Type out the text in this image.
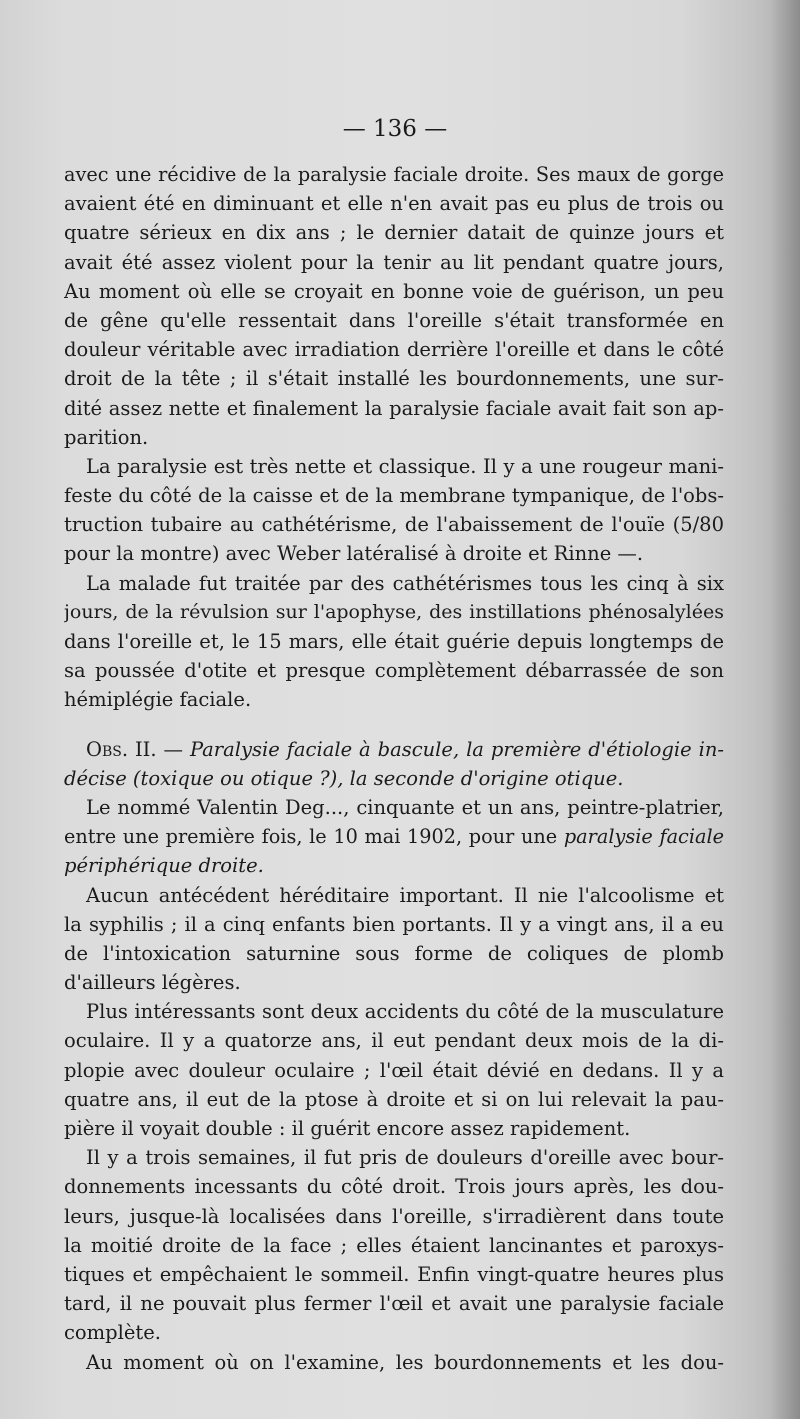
— 136 —
avec une récidive de la paralysie faciale droite. Ses maux de gorge
avaient été en diminuant et elle n'en avait pas eu plus de trois ou
quatre sérieux en dix ans ; le dernier datait de quinze jours et
avait été assez violent pour la tenir au lit pendant quatre jours,
Au moment où elle se croyait en bonne voie de guérison, un peu
de gêne qu'elle ressentait dans l'oreille s'était transformée en
douleur véritable avec irradiation derrière l'oreille et dans le côté
droit de la tête ; il s'était installé les bourdonnements, une sur-
dité assez nette et finalement la paralysie faciale avait fait son ap-
parition.
La paralysie est très nette et classique. Il y a une rougeur mani-
feste du côté de la caisse et de la membrane tympanique, de l'obs-
truction tubaire au cathétérisme, de l'abaissement de l'ouïe (5/80
pour la montre) avec Weber latéralisé à droite et Rinne —.
La malade fut traitée par des cathétérismes tous les cinq à six
jours, de la révulsion sur l'apophyse, des instillations phénosalylées
dans l'oreille et, le 15 mars, elle était guérie depuis longtemps de
sa poussée d'otite et presque complètement débarrassée de son
hémiplégie faciale.
Obs. II. — Paralysie faciale à bascule, la première d'étiologie in-
décise (toxique ou otique ?), la seconde d'origine otique.
Le nommé Valentin Deg..., cinquante et un ans, peintre-platrier,
entre une première fois, le 10 mai 1902, pour une paralysie faciale
périphérique droite.
Aucun antécédent héréditaire important. Il nie l'alcoolisme et
la syphilis ; il a cinq enfants bien portants. Il y a vingt ans, il a eu
de l'intoxication saturnine sous forme de coliques de plomb
d'ailleurs légères.
Plus intéressants sont deux accidents du côté de la musculature
oculaire. Il y a quatorze ans, il eut pendant deux mois de la di-
plopie avec douleur oculaire ; l'œil était dévié en dedans. Il y a
quatre ans, il eut de la ptose à droite et si on lui relevait la pau-
pière il voyait double : il guérit encore assez rapidement.
Il y a trois semaines, il fut pris de douleurs d'oreille avec bour-
donnements incessants du côté droit. Trois jours après, les dou-
leurs, jusque-là localisées dans l'oreille, s'irradièrent dans toute
la moitié droite de la face ; elles étaient lancinantes et paroxys-
tiques et empêchaient le sommeil. Enfin vingt-quatre heures plus
tard, il ne pouvait plus fermer l'œil et avait une paralysie faciale
complète.
Au moment où on l'examine, les bourdonnements et les dou-
